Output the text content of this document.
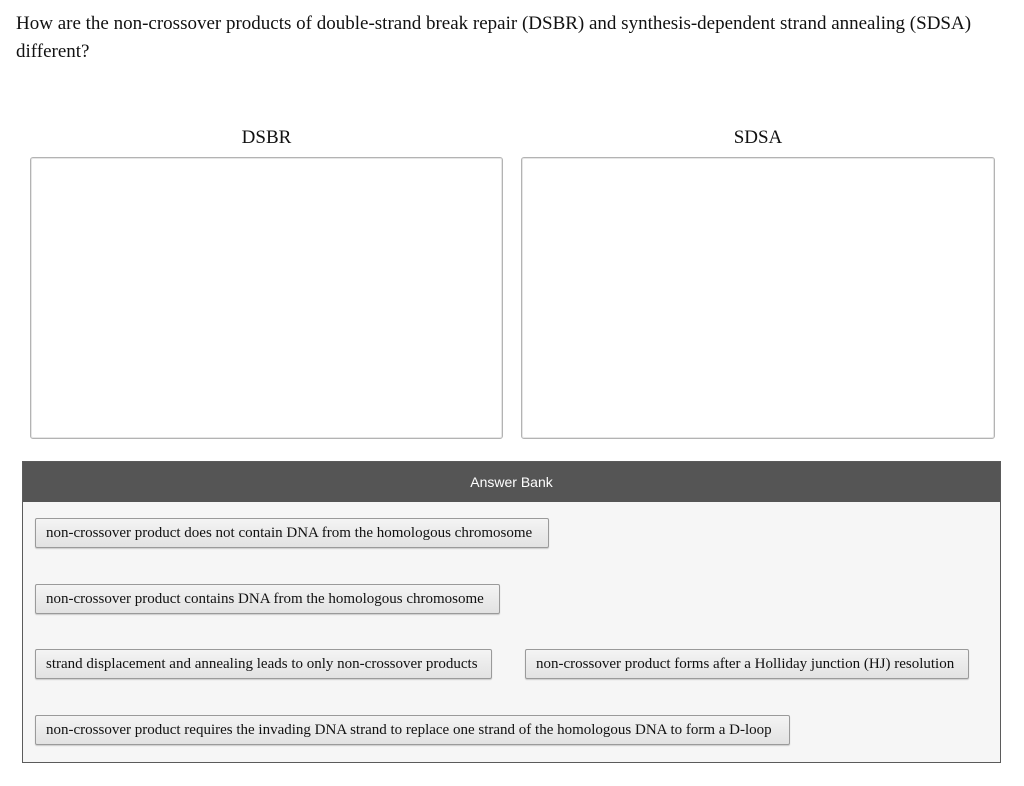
How are the non-crossover products of double-strand break repair (DSBR) and synthesis-dependent strand annealing (SDSA) different?

DSBR	SDSA
Answer Bank
non-crossover product does not contain DNA from the homologous chromosome
non-crossover product contains DNA from the homologous chromosome
strand displacement and annealing leads to only non-crossover products	non-crossover product forms after a Holliday junction (HJ) resolution
non-crossover product requires the invading DNA strand to replace one strand of the homologous DNA to form a D-loop
